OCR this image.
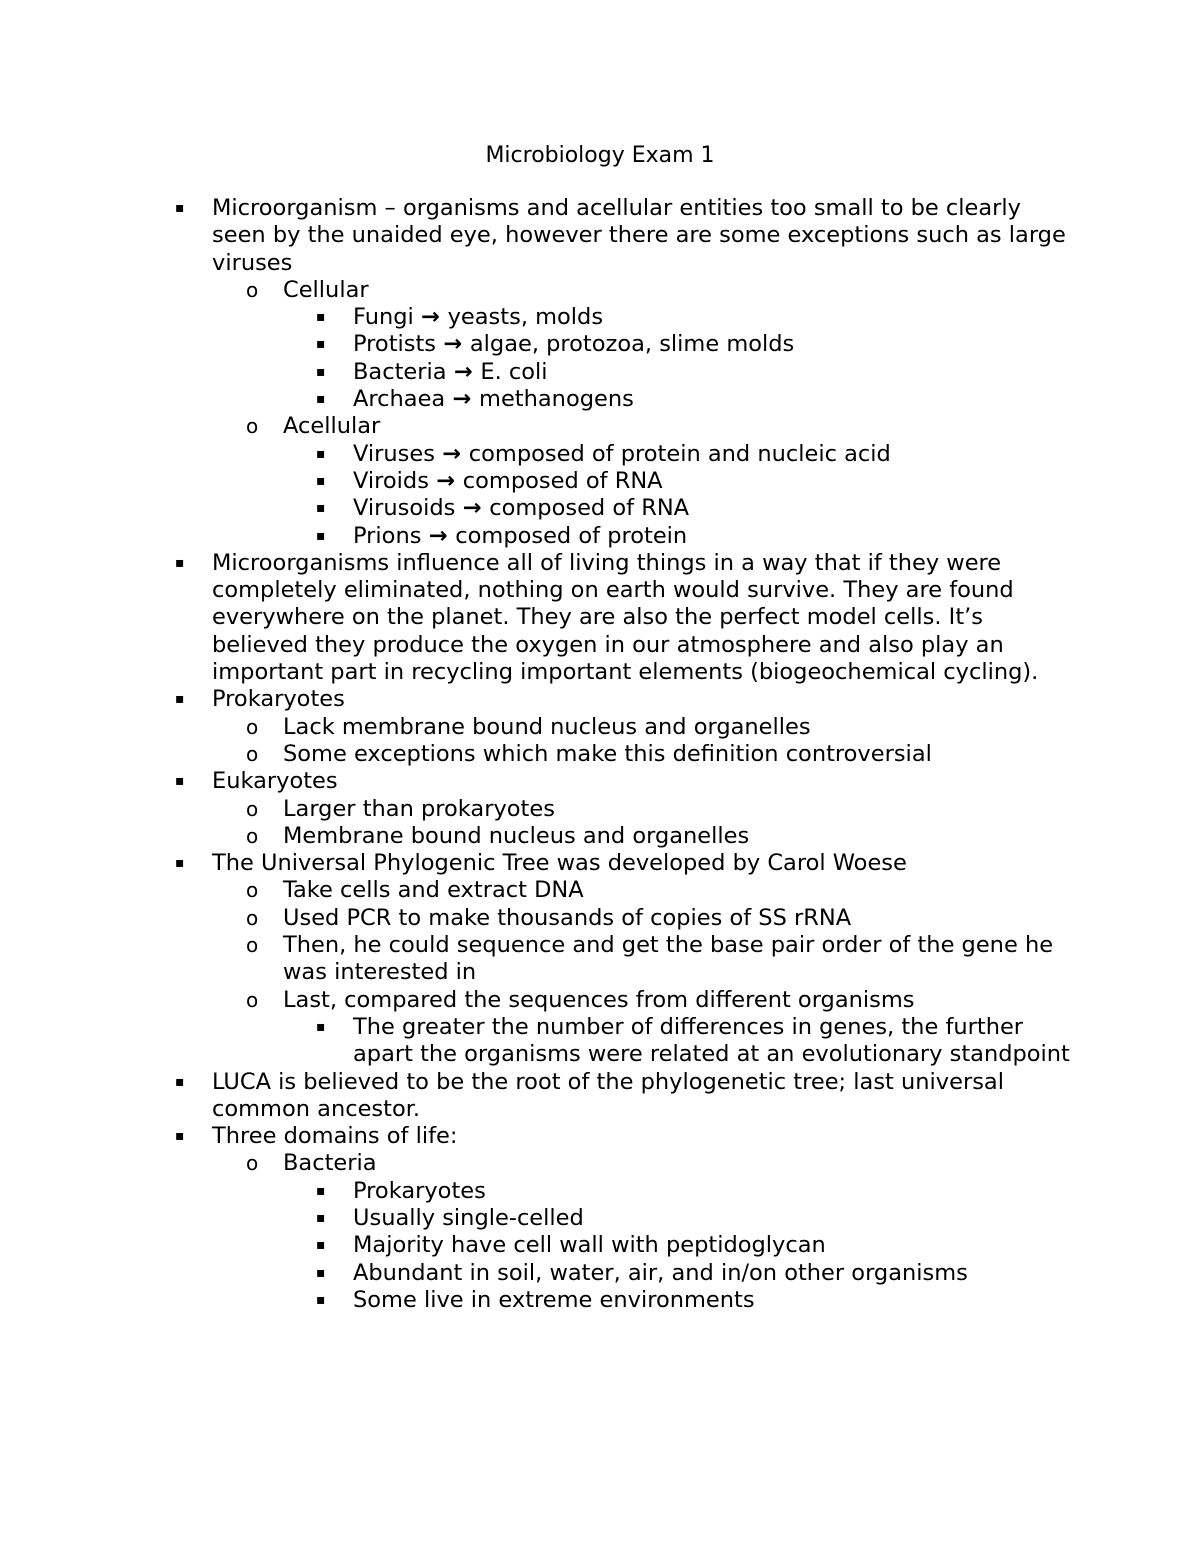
Microbiology Exam 1
▪ Microorganism – organisms and acellular entities too small to be clearly seen by the unaided eye, however there are some exceptions such as large viruses
o Cellular
▪ Fungi → yeasts, molds
▪ Protists → algae, protozoa, slime molds
▪ Bacteria → E. coli
▪ Archaea → methanogens
o Acellular
▪ Viruses → composed of protein and nucleic acid
▪ Viroids → composed of RNA
▪ Virusoids → composed of RNA
▪ Prions → composed of protein
▪ Microorganisms influence all of living things in a way that if they were completely eliminated, nothing on earth would survive. They are found everywhere on the planet. They are also the perfect model cells. It’s believed they produce the oxygen in our atmosphere and also play an important part in recycling important elements (biogeochemical cycling).
▪ Prokaryotes
o Lack membrane bound nucleus and organelles
o Some exceptions which make this definition controversial
▪ Eukaryotes
o Larger than prokaryotes
o Membrane bound nucleus and organelles
▪ The Universal Phylogenic Tree was developed by Carol Woese
o Take cells and extract DNA
o Used PCR to make thousands of copies of SS rRNA
o Then, he could sequence and get the base pair order of the gene he was interested in
o Last, compared the sequences from different organisms
▪ The greater the number of differences in genes, the further apart the organisms were related at an evolutionary standpoint
▪ LUCA is believed to be the root of the phylogenetic tree; last universal common ancestor.
▪ Three domains of life:
o Bacteria
▪ Prokaryotes
▪ Usually single-celled
▪ Majority have cell wall with peptidoglycan
▪ Abundant in soil, water, air, and in/on other organisms
▪ Some live in extreme environments
